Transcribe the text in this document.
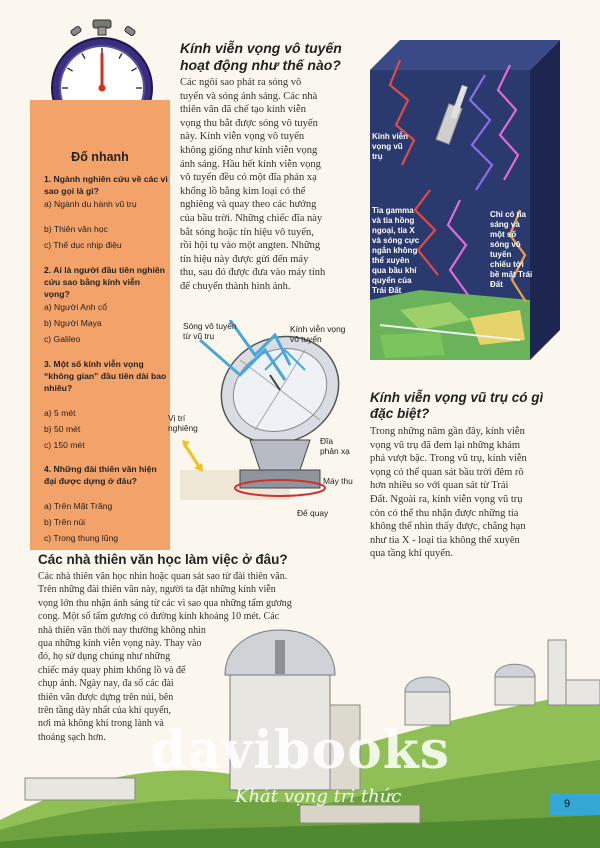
Đố nhanh
1. Ngành nghiên cứu về các vì sao gọi là gì?
a) Ngành du hành vũ trụ
b) Thiên văn học
c) Thể dục nhịp điệu
2. Ai là người đầu tiên nghiên cứu sao bằng kính viễn vọng?
a) Người Anh cổ
b) Người Maya
c) Galileo
3. Một số kính viễn vọng “không gian” đầu tiên dài bao nhiêu?
a) 5 mét
b) 50 mét
c) 150 mét
4. Những đài thiên văn hiện đại được dựng ở đâu?
a) Trên Mặt Trăng
b) Trên núi
c) Trong thung lũng
Kính viễn vọng vô tuyến
hoạt động như thế nào?
Các ngôi sao phát ra sóng vô
tuyến và sóng ánh sáng. Các nhà
thiên văn đã chế tạo kính viễn
vọng thu bắt được sóng vô tuyến
này. Kính viễn vọng vô tuyến
không giống như kính viễn vọng
ánh sáng. Hầu hết kính viễn vọng
vô tuyến đều có một đĩa phản xạ
khổng lồ bằng kim loại có thể
nghiêng và quay theo các hướng
của bầu trời. Những chiếc đĩa này
bắt sóng hoặc tín hiệu vô tuyến,
rồi hội tụ vào một angten. Những
tín hiệu này được gửi đến máy
thu, sau đó được đưa vào máy tính
để chuyển thành hình ảnh.
Sóng vô tuyến
từ vũ trụ
Kính viễn vọng
vô tuyến
Vị trí
nghiêng
Đĩa
phản xạ
Máy thu
Đế quay
Kính viễn
vọng vũ
trụ
Tia gamma
và tia hồng
ngoại, tia X
và sóng cực
ngắn không
thể xuyên
qua bầu khí
quyển của
Trái Đất
Chỉ có tia
sáng và
một số
sóng vô
tuyến
chiếu tới
bề mặt Trái
Đất
Kính viễn vọng vũ trụ có gì
đặc biệt?
Trong những năm gần đây, kính viễn
vọng vũ trụ đã đem lại những khám
phá vượt bậc. Trong vũ trụ, kính viễn
vọng có thể quan sát bầu trời đêm rõ
hơn nhiều so với quan sát từ Trái
Đất. Ngoài ra, kính viễn vọng vũ trụ
còn có thể thu nhận được những tia
không thể nhìn thấy được, chẳng hạn
như tia X - loại tia không thể xuyên
qua tầng khí quyển.
Các nhà thiên văn học làm việc ở đâu?
Các nhà thiên văn học nhìn hoặc quan sát sao từ đài thiên văn.
Trên những đài thiên văn này, người ta đặt những kính viễn
vọng lớn thu nhận ánh sáng từ các vì sao qua những tấm gương
cong. Một số tấm gương có đường kính khoảng 10 mét. Các
nhà thiên văn thời nay thường không nhìn
qua những kính viễn vọng này. Thay vào
đó, họ sử dụng chúng như những
chiếc máy quay phim khổng lồ và để
chụp ảnh. Ngày nay, đa số các đài
thiên văn được dựng trên núi, bên
trên tầng dày nhất của khí quyển,
nơi mà không khí trong lành và
thoáng sạch hơn. davibooks
Khát vọng tri thức	9
